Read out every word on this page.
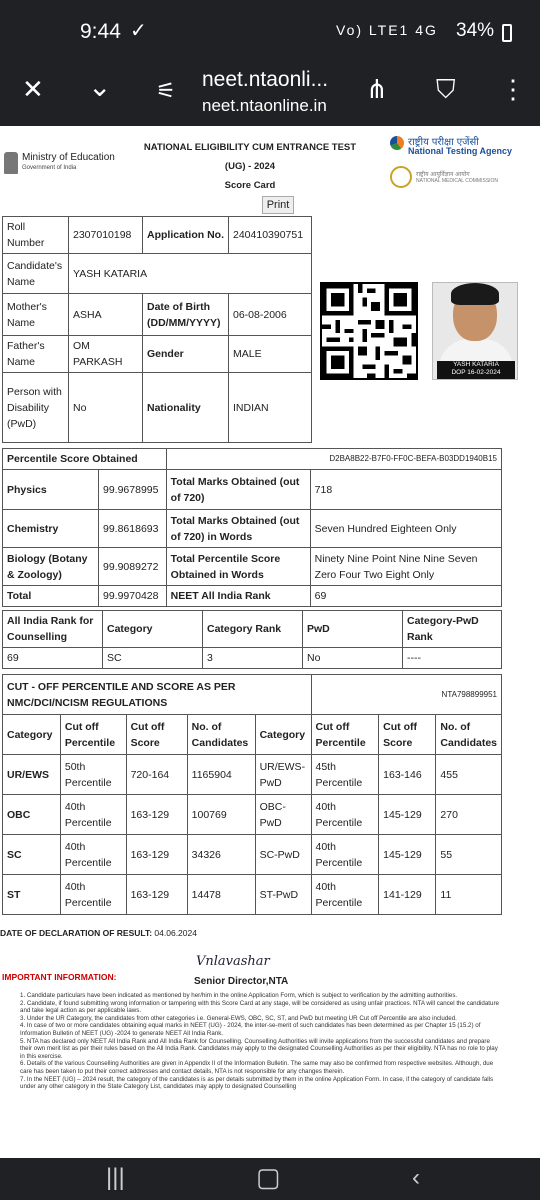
9:44 ✓	Vo) LTE1 4G 34%
✕ ⌄ ⚟ neet.ntaonli...
neet.ntaonline.in
⋔ ⛉ ⋮
Ministry of Education
Government of India
NATIONAL ELIGIBILITY CUM ENTRANCE TEST
(UG) - 2024
Score Card
राष्ट्रीय परीक्षा एजेंसी
National Testing Agency
राष्ट्रीय आयुर्विज्ञान आयोग
NATIONAL MEDICAL COMMISSION
Print
Roll Number	2307010198	Application No.	240410390751
Candidate's Name	YASH KATARIA		
Mother's Name	ASHA	Date of Birth (DD/MM/YYYY)	06-08-2006
Father's Name	OM PARKASH	Gender	MALE
Person with Disability (PwD)	No	Nationality	INDIAN
YASH KATARIA
DOP 16-02-2024
Percentile Score Obtained		D2BA8B22-B7F0-FF0C-BEFA-B03DD1940B15	
Physics	99.9678995	Total Marks Obtained (out of 720)	718
Chemistry	99.8618693	Total Marks Obtained (out of 720) in Words	Seven Hundred Eighteen Only
Biology (Botany & Zoology)	99.9089272	Total Percentile Score Obtained in Words	Ninety Nine Point Nine Nine Seven Zero Four Two Eight Only
Total	99.9970428	NEET All India Rank	69
All India Rank for Counselling	Category	Category Rank	PwD	Category-PwD Rank
69	SC	3	No	----
CUT - OFF PERCENTILE AND SCORE AS PER NMC/DCI/NCISM REGULATIONS					NTA798899951		
Category	Cut off Percentile	Cut off Score	No. of Candidates	Category	Cut off Percentile	Cut off Score	No. of Candidates
UR/EWS	50th Percentile	720-164	1165904	UR/EWS-PwD	45th Percentile	163-146	455
OBC	40th Percentile	163-129	100769	OBC-PwD	40th Percentile	145-129	270
SC	40th Percentile	163-129	34326	SC-PwD	40th Percentile	145-129	55
ST	40th Percentile	163-129	14478	ST-PwD	40th Percentile	141-129	11
DATE OF DECLARATION OF RESULT: 04.06.2024
Vnlavashar
IMPORTANT INFORMATION:	Senior Director,NTA
1. Candidate particulars have been indicated as mentioned by her/him in the online Application Form, which is subject to verification by the admitting authorities.
2. Candidate, if found submitting wrong information or tampering with this Score Card at any stage, will be considered as using unfair practices. NTA will cancel the candidature and take legal action as per applicable laws.
3. Under the UR Category, the candidates from other categories i.e. General-EWS, OBC, SC, ST, and PwD but meeting UR Cut off Percentile are also included.
4. In case of two or more candidates obtaining equal marks in NEET (UG) - 2024, the inter-se-merit of such candidates has been determined as per Chapter 15 (15.2) of Information Bulletin of NEET (UG) -2024 to generate NEET All India Rank.
5. NTA has declared only NEET All India Rank and All India Rank for Counselling. Counselling Authorities will invite applications from the successful candidates and prepare their own merit list as per their rules based on the All India Rank. Candidates may apply to the designated Counselling Authorities as per their eligibility. NTA has no role to play in this exercise.
6. Details of the various Counselling Authorities are given in Appendix II of the Information Bulletin. The same may also be confirmed from respective websites. Although, due care has been taken to put their correct addresses and contact details, NTA is not responsible for any changes therein.
7. In the NEET (UG) – 2024 result, the category of the candidates is as per details submitted by them in the online Application Form. In case, if the category of candidate falls under any other category in the State Category List, candidates may apply to designated Counselling
|||	▢	‹
